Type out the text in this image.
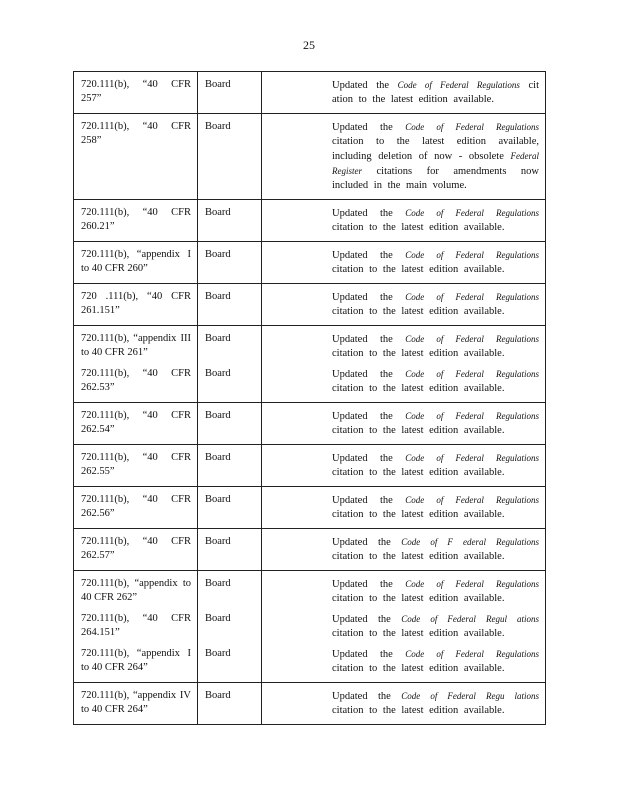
25
720.111(b), “40 CFR 257”	Board	Updated the Code of Federal Regulations cit ation to the latest edition available.
720.111(b), “40 CFR 258”	Board	Updated the Code of Federal Regulations citation to the latest edition available, including deletion of now - obsolete Federal Register citations for amendments now included in the main volume.
720.111(b), “40 CFR 260.21”	Board	Updated the Code of Federal Regulations citation to the latest edition available.
720.111(b), “appendix I to 40 CFR 260”	Board	Updated the Code of Federal Regulations citation to the latest edition available.
720 .111(b), “40 CFR 261.151”	Board	Updated the Code of Federal Regulations citation to the latest edition available.
720.111(b), “appendix III to 40 CFR 261”	Board	Updated the Code of Federal Regulations citation to the latest edition available.
720.111(b), “40 CFR 262.53”	Board	Updated the Code of Federal Regulations citation to the latest edition available.
720.111(b), “40 CFR 262.54”	Board	Updated the Code of Federal Regulations citation to the latest edition available.
720.111(b), “40 CFR 262.55”	Board	Updated the Code of Federal Regulations citation to the latest edition available.
720.111(b), “40 CFR 262.56”	Board	Updated the Code of Federal Regulations citation to the latest edition available.
720.111(b), “40 CFR 262.57”	Board	Updated the Code of F ederal Regulations citation to the latest edition available.
720.111(b), “appendix to 40 CFR 262”	Board	Updated the Code of Federal Regulations citation to the latest edition available.
720.111(b), “40 CFR 264.151”	Board	Updated the Code of Federal Regul ations citation to the latest edition available.
720.111(b), “appendix I to 40 CFR 264”	Board	Updated the Code of Federal Regulations citation to the latest edition available.
720.111(b), “appendix IV to 40 CFR 264”	Board	Updated the Code of Federal Regu lations citation to the latest edition available.
